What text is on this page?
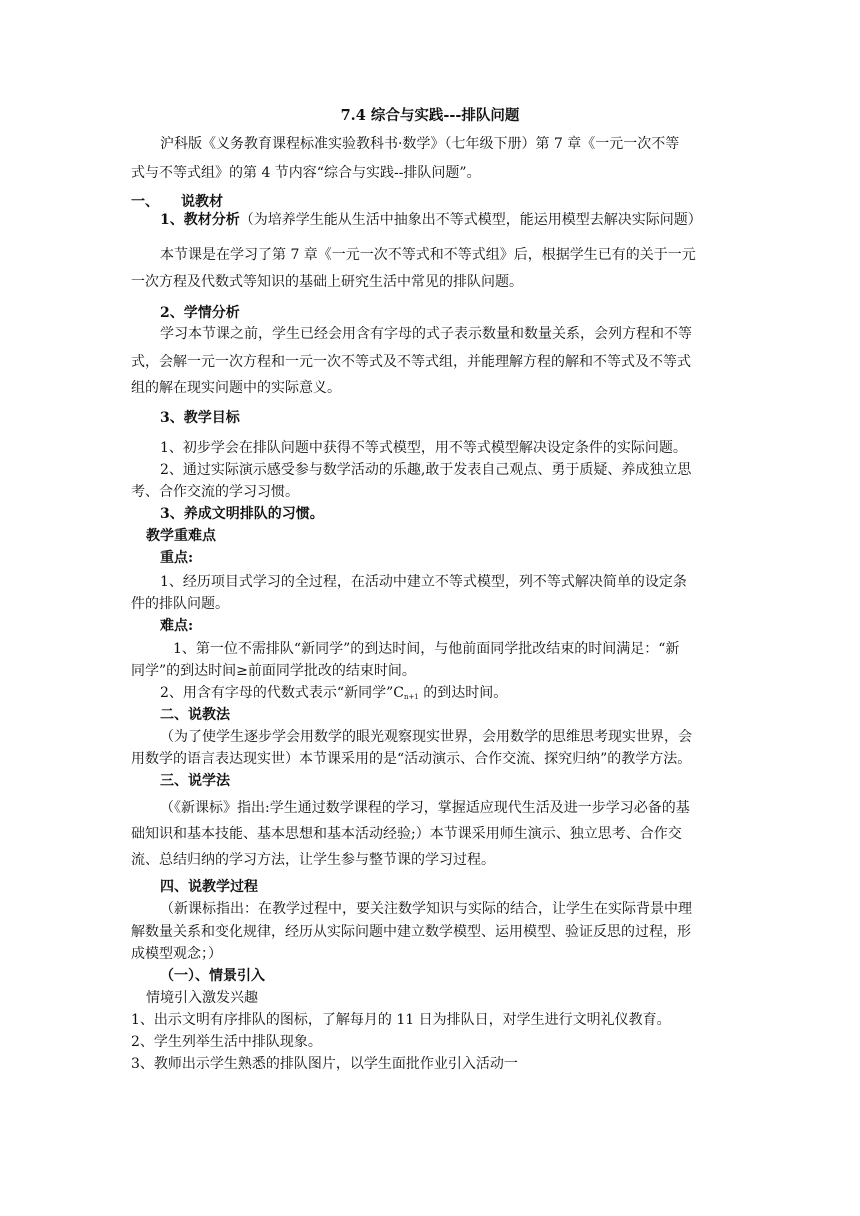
7.4 综合与实践---排队问题
沪科版《义务教育课程标准实验教科书·数学》（七年级下册）第 7 章《一元一次不等
式与不等式组》的第 4 节内容“综合与实践--排队问题”。
一、 说教材
1、教材分析（为培养学生能从生活中抽象出不等式模型，能运用模型去解决实际问题）
本节课是在学习了第 7 章《一元一次不等式和不等式组》后，根据学生已有的关于一元
一次方程及代数式等知识的基础上研究生活中常见的排队问题。
2、学情分析
学习本节课之前，学生已经会用含有字母的式子表示数量和数量关系，会列方程和不等
式，会解一元一次方程和一元一次不等式及不等式组，并能理解方程的解和不等式及不等式
组的解在现实问题中的实际意义。
3、教学目标
1、初步学会在排队问题中获得不等式模型，用不等式模型解决设定条件的实际问题。
2、通过实际演示感受参与数学活动的乐趣,敢于发表自己观点、勇于质疑、养成独立思
考、合作交流的学习习惯。
3、养成文明排队的习惯。
教学重难点
重点:
1、经历项目式学习的全过程，在活动中建立不等式模型，列不等式解决简单的设定条
件的排队问题。
难点:
1、第一位不需排队“新同学”的到达时间，与他前面同学批改结束的时间满足：“新
同学”的到达时间≥前面同学批改的结束时间。
2、用含有字母的代数式表示“新同学$”C_{n+1}$ 的到达时间。
二、说教法
（为了使学生逐步学会用数学的眼光观察现实世界，会用数学的思维思考现实世界，会
用数学的语言表达现实世）本节课采用的是“活动演示、合作交流、探究归纳”的教学方法。
三、说学法
（《新课标》指出:学生通过数学课程的学习，掌握适应现代生活及进一步学习必备的基
础知识和基本技能、基本思想和基本活动经验;）本节课采用师生演示、独立思考、合作交
流、总结归纳的学习方法，让学生参与整节课的学习过程。
四、说教学过程
（新课标指出：在教学过程中，要关注数学知识与实际的结合，让学生在实际背景中理
解数量关系和变化规律，经历从实际问题中建立数学模型、运用模型、验证反思的过程，形
成模型观念；）
（一）、情景引入
情境引入激发兴趣
1、出示文明有序排队的图标，了解每月的 11 日为排队日，对学生进行文明礼仪教育。
2、学生列举生活中排队现象。
3、教师出示学生熟悉的排队图片，以学生面批作业引入活动一
